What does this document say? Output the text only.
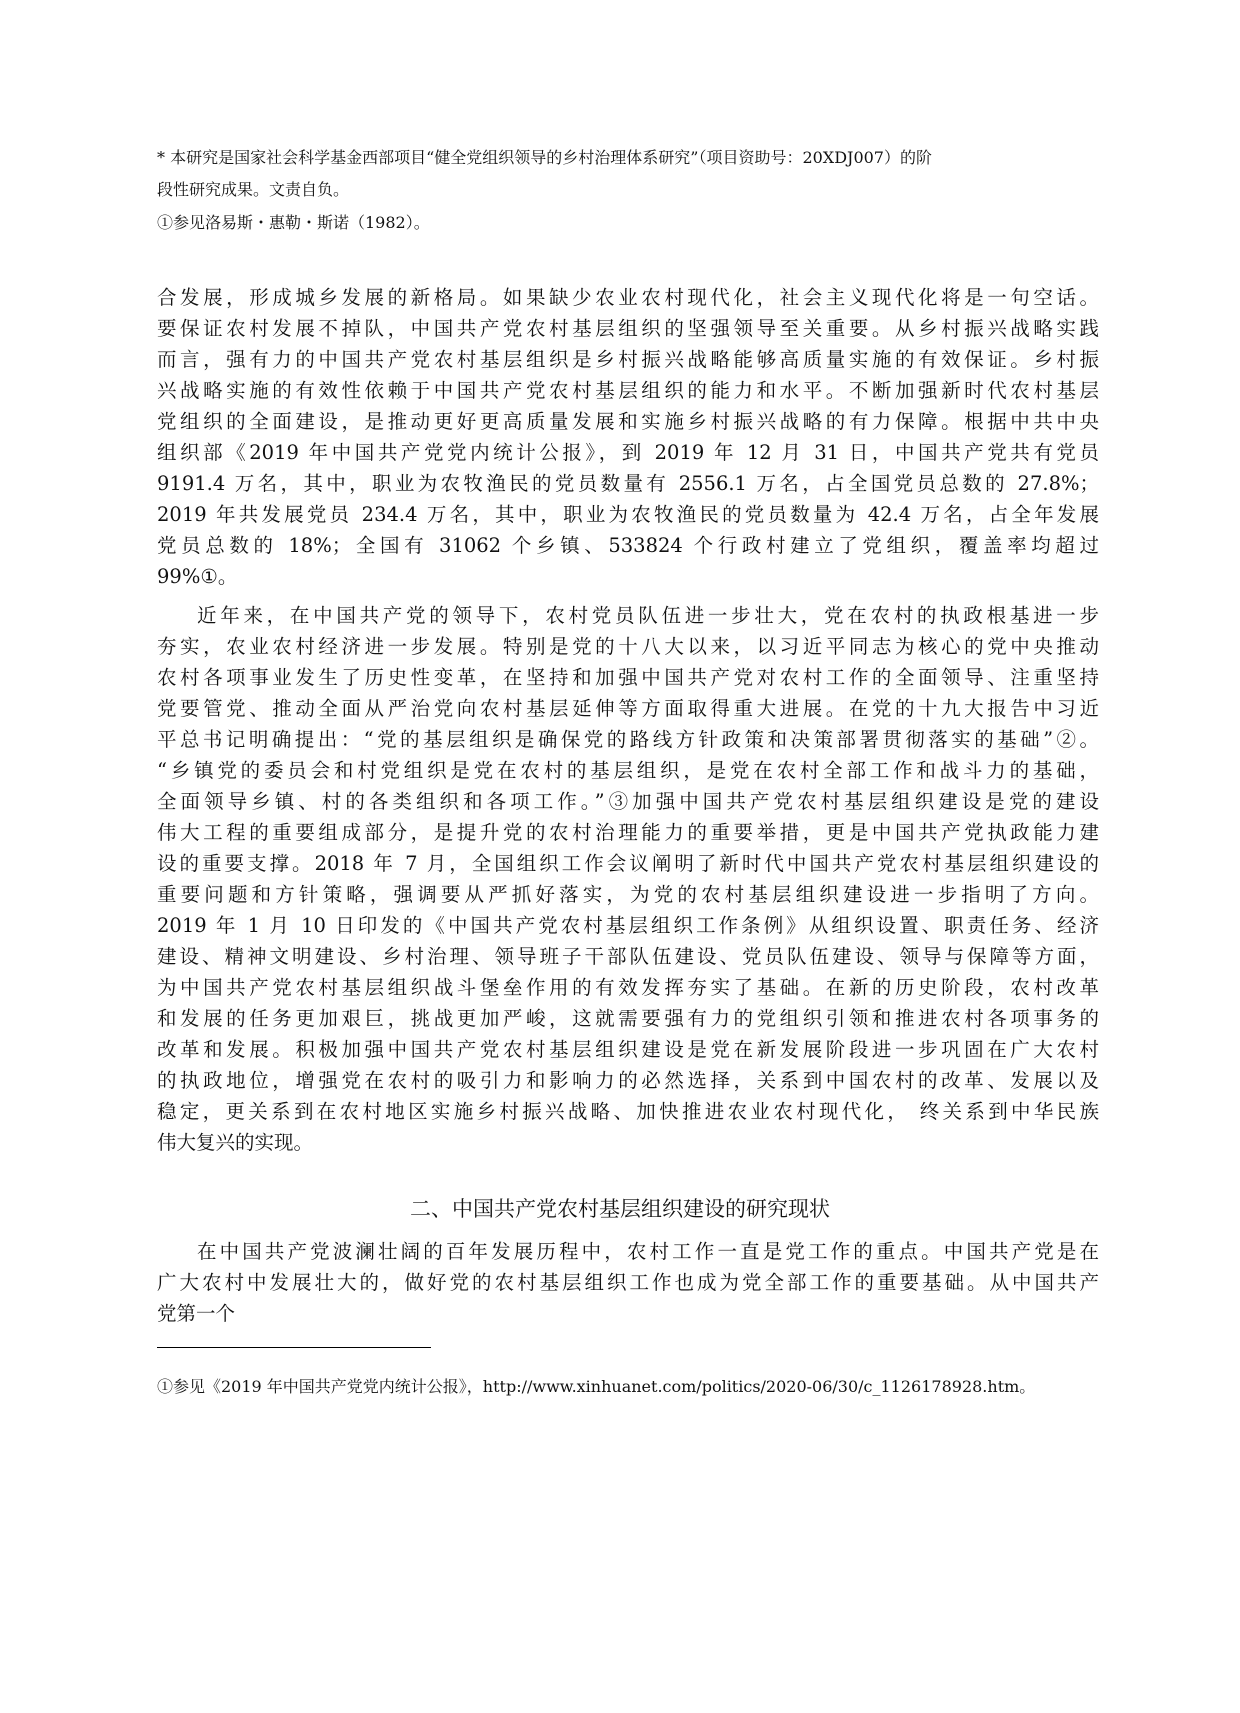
* 本研究是国家社会科学基金西部项目“健全党组织领导的乡村治理体系研究”（项目资助号：20XDJ007）的阶
段性研究成果。文责自负。
①参见洛易斯・惠勒・斯诺（1982）。
合发展，形成城乡发展的新格局。如果缺少农业农村现代化，社会主义现代化将是一句空话。
要保证农村发展不掉队，中国共产党农村基层组织的坚强领导至关重要。从乡村振兴战略实践
而言，强有力的中国共产党农村基层组织是乡村振兴战略能够高质量实施的有效保证。乡村振
兴战略实施的有效性依赖于中国共产党农村基层组织的能力和水平。不断加强新时代农村基层
党组织的全面建设，是推动更好更高质量发展和实施乡村振兴战略的有力保障。根据中共中央
组织部《2019 年中国共产党党内统计公报》，到 2019 年 12 月 31 日，中国共产党共有党员
9191.4 万名，其中，职业为农牧渔民的党员数量有 2556.1 万名，占全国党员总数的 27.8%；
2019 年共发展党员 234.4 万名，其中，职业为农牧渔民的党员数量为 42.4 万名，占全年发展
党员总数的 18%；全国有 31062 个乡镇、533824 个行政村建立了党组织，覆盖率均超过
99%①。
近年来，在中国共产党的领导下，农村党员队伍进一步壮大，党在农村的执政根基进一步
夯实，农业农村经济进一步发展。特别是党的十八大以来，以习近平同志为核心的党中央推动
农村各项事业发生了历史性变革，在坚持和加强中国共产党对农村工作的全面领导、注重坚持
党要管党、推动全面从严治党向农村基层延伸等方面取得重大进展。在党的十九大报告中习近
平总书记明确提出：“党的基层组织是确保党的路线方针政策和决策部署贯彻落实的基础”②。
“乡镇党的委员会和村党组织是党在农村的基层组织，是党在农村全部工作和战斗力的基础，
全面领导乡镇、村的各类组织和各项工作。”③加强中国共产党农村基层组织建设是党的建设
伟大工程的重要组成部分，是提升党的农村治理能力的重要举措，更是中国共产党执政能力建
设的重要支撑。2018 年 7 月，全国组织工作会议阐明了新时代中国共产党农村基层组织建设的
重要问题和方针策略，强调要从严抓好落实，为党的农村基层组织建设进一步指明了方向。
2019 年 1 月 10 日印发的《中国共产党农村基层组织工作条例》从组织设置、职责任务、经济
建设、精神文明建设、乡村治理、领导班子干部队伍建设、党员队伍建设、领导与保障等方面，
为中国共产党农村基层组织战斗堡垒作用的有效发挥夯实了基础。在新的历史阶段，农村改革
和发展的任务更加艰巨，挑战更加严峻，这就需要强有力的党组织引领和推进农村各项事务的
改革和发展。积极加强中国共产党农村基层组织建设是党在新发展阶段进一步巩固在广大农村
的执政地位，增强党在农村的吸引力和影响力的必然选择，关系到中国农村的改革、发展以及
稳定，更关系到在农村地区实施乡村振兴战略、加快推进农业农村现代化， 终关系到中华民族
伟大复兴的实现。
二、中国共产党农村基层组织建设的研究现状
在中国共产党波澜壮阔的百年发展历程中，农村工作一直是党工作的重点。中国共产党是在
广大农村中发展壮大的，做好党的农村基层组织工作也成为党全部工作的重要基础。从中国共产
党第一个
①参见《2019 年中国共产党党内统计公报》，http://www.xinhuanet.com/politics/2020-06/30/c_1126178928.htm。
